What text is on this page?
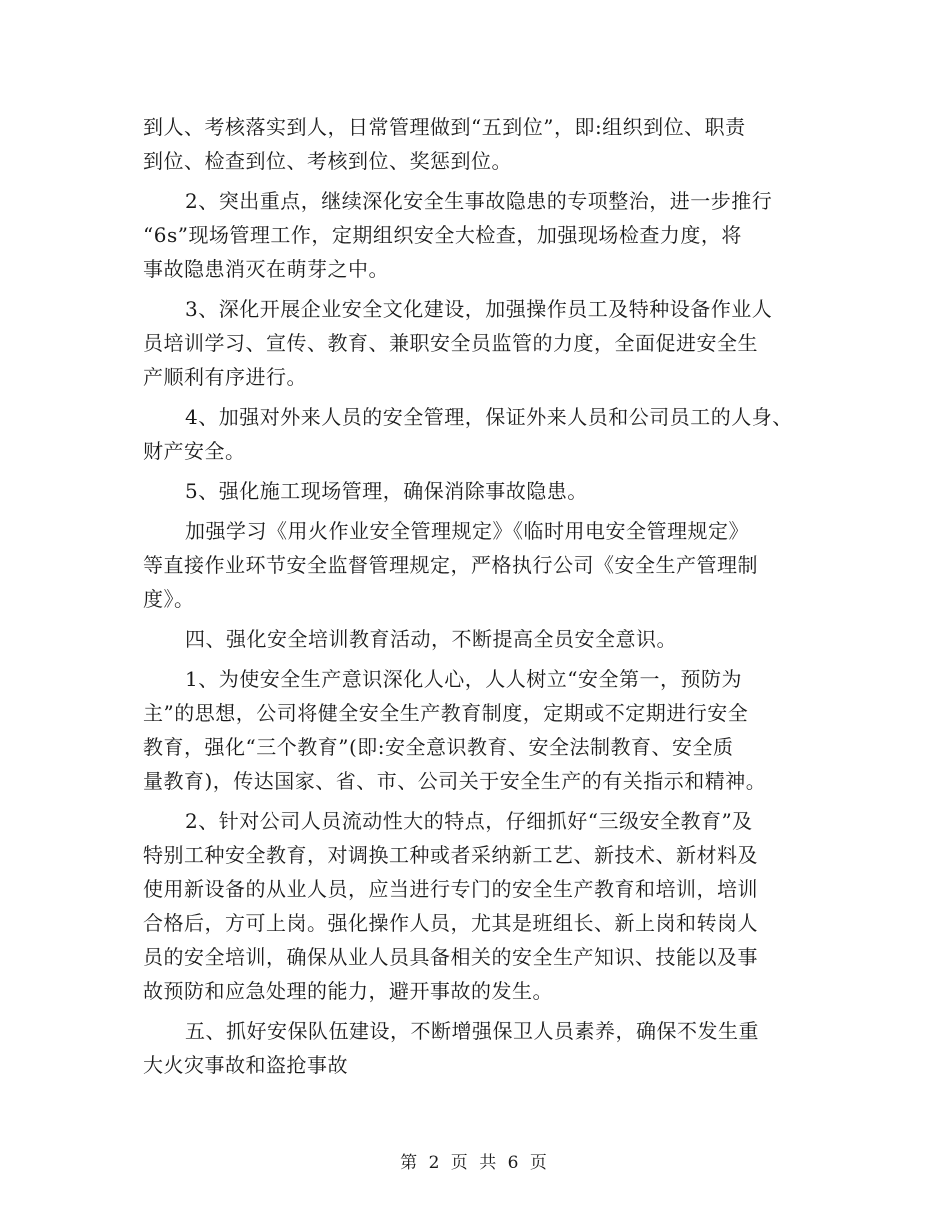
到人、考核落实到人，日常管理做到“五到位”，即:组织到位、职责
到位、检查到位、考核到位、奖惩到位。
2、突出重点，继续深化安全生事故隐患的专项整治，进一步推行
“6s”现场管理工作，定期组织安全大检查，加强现场检查力度，将
事故隐患消灭在萌芽之中。
3、深化开展企业安全文化建设，加强操作员工及特种设备作业人
员培训学习、宣传、教育、兼职安全员监管的力度，全面促进安全生
产顺利有序进行。
4、加强对外来人员的安全管理，保证外来人员和公司员工的人身、
财产安全。
5、强化施工现场管理，确保消除事故隐患。
加强学习《用火作业安全管理规定》《临时用电安全管理规定》
等直接作业环节安全监督管理规定，严格执行公司《安全生产管理制
度》。
四、强化安全培训教育活动，不断提高全员安全意识。
1、为使安全生产意识深化人心，人人树立“安全第一，预防为
主”的思想，公司将健全安全生产教育制度，定期或不定期进行安全
教育，强化“三个教育”(即:安全意识教育、安全法制教育、安全质
量教育)，传达国家、省、市、公司关于安全生产的有关指示和精神。
2、针对公司人员流动性大的特点，仔细抓好“三级安全教育”及
特别工种安全教育，对调换工种或者采纳新工艺、新技术、新材料及
使用新设备的从业人员，应当进行专门的安全生产教育和培训，培训
合格后，方可上岗。强化操作人员，尤其是班组长、新上岗和转岗人
员的安全培训，确保从业人员具备相关的安全生产知识、技能以及事
故预防和应急处理的能力，避开事故的发生。
五、抓好安保队伍建设，不断增强保卫人员素养，确保不发生重
大火灾事故和盗抢事故
第 2 页 共 6 页
